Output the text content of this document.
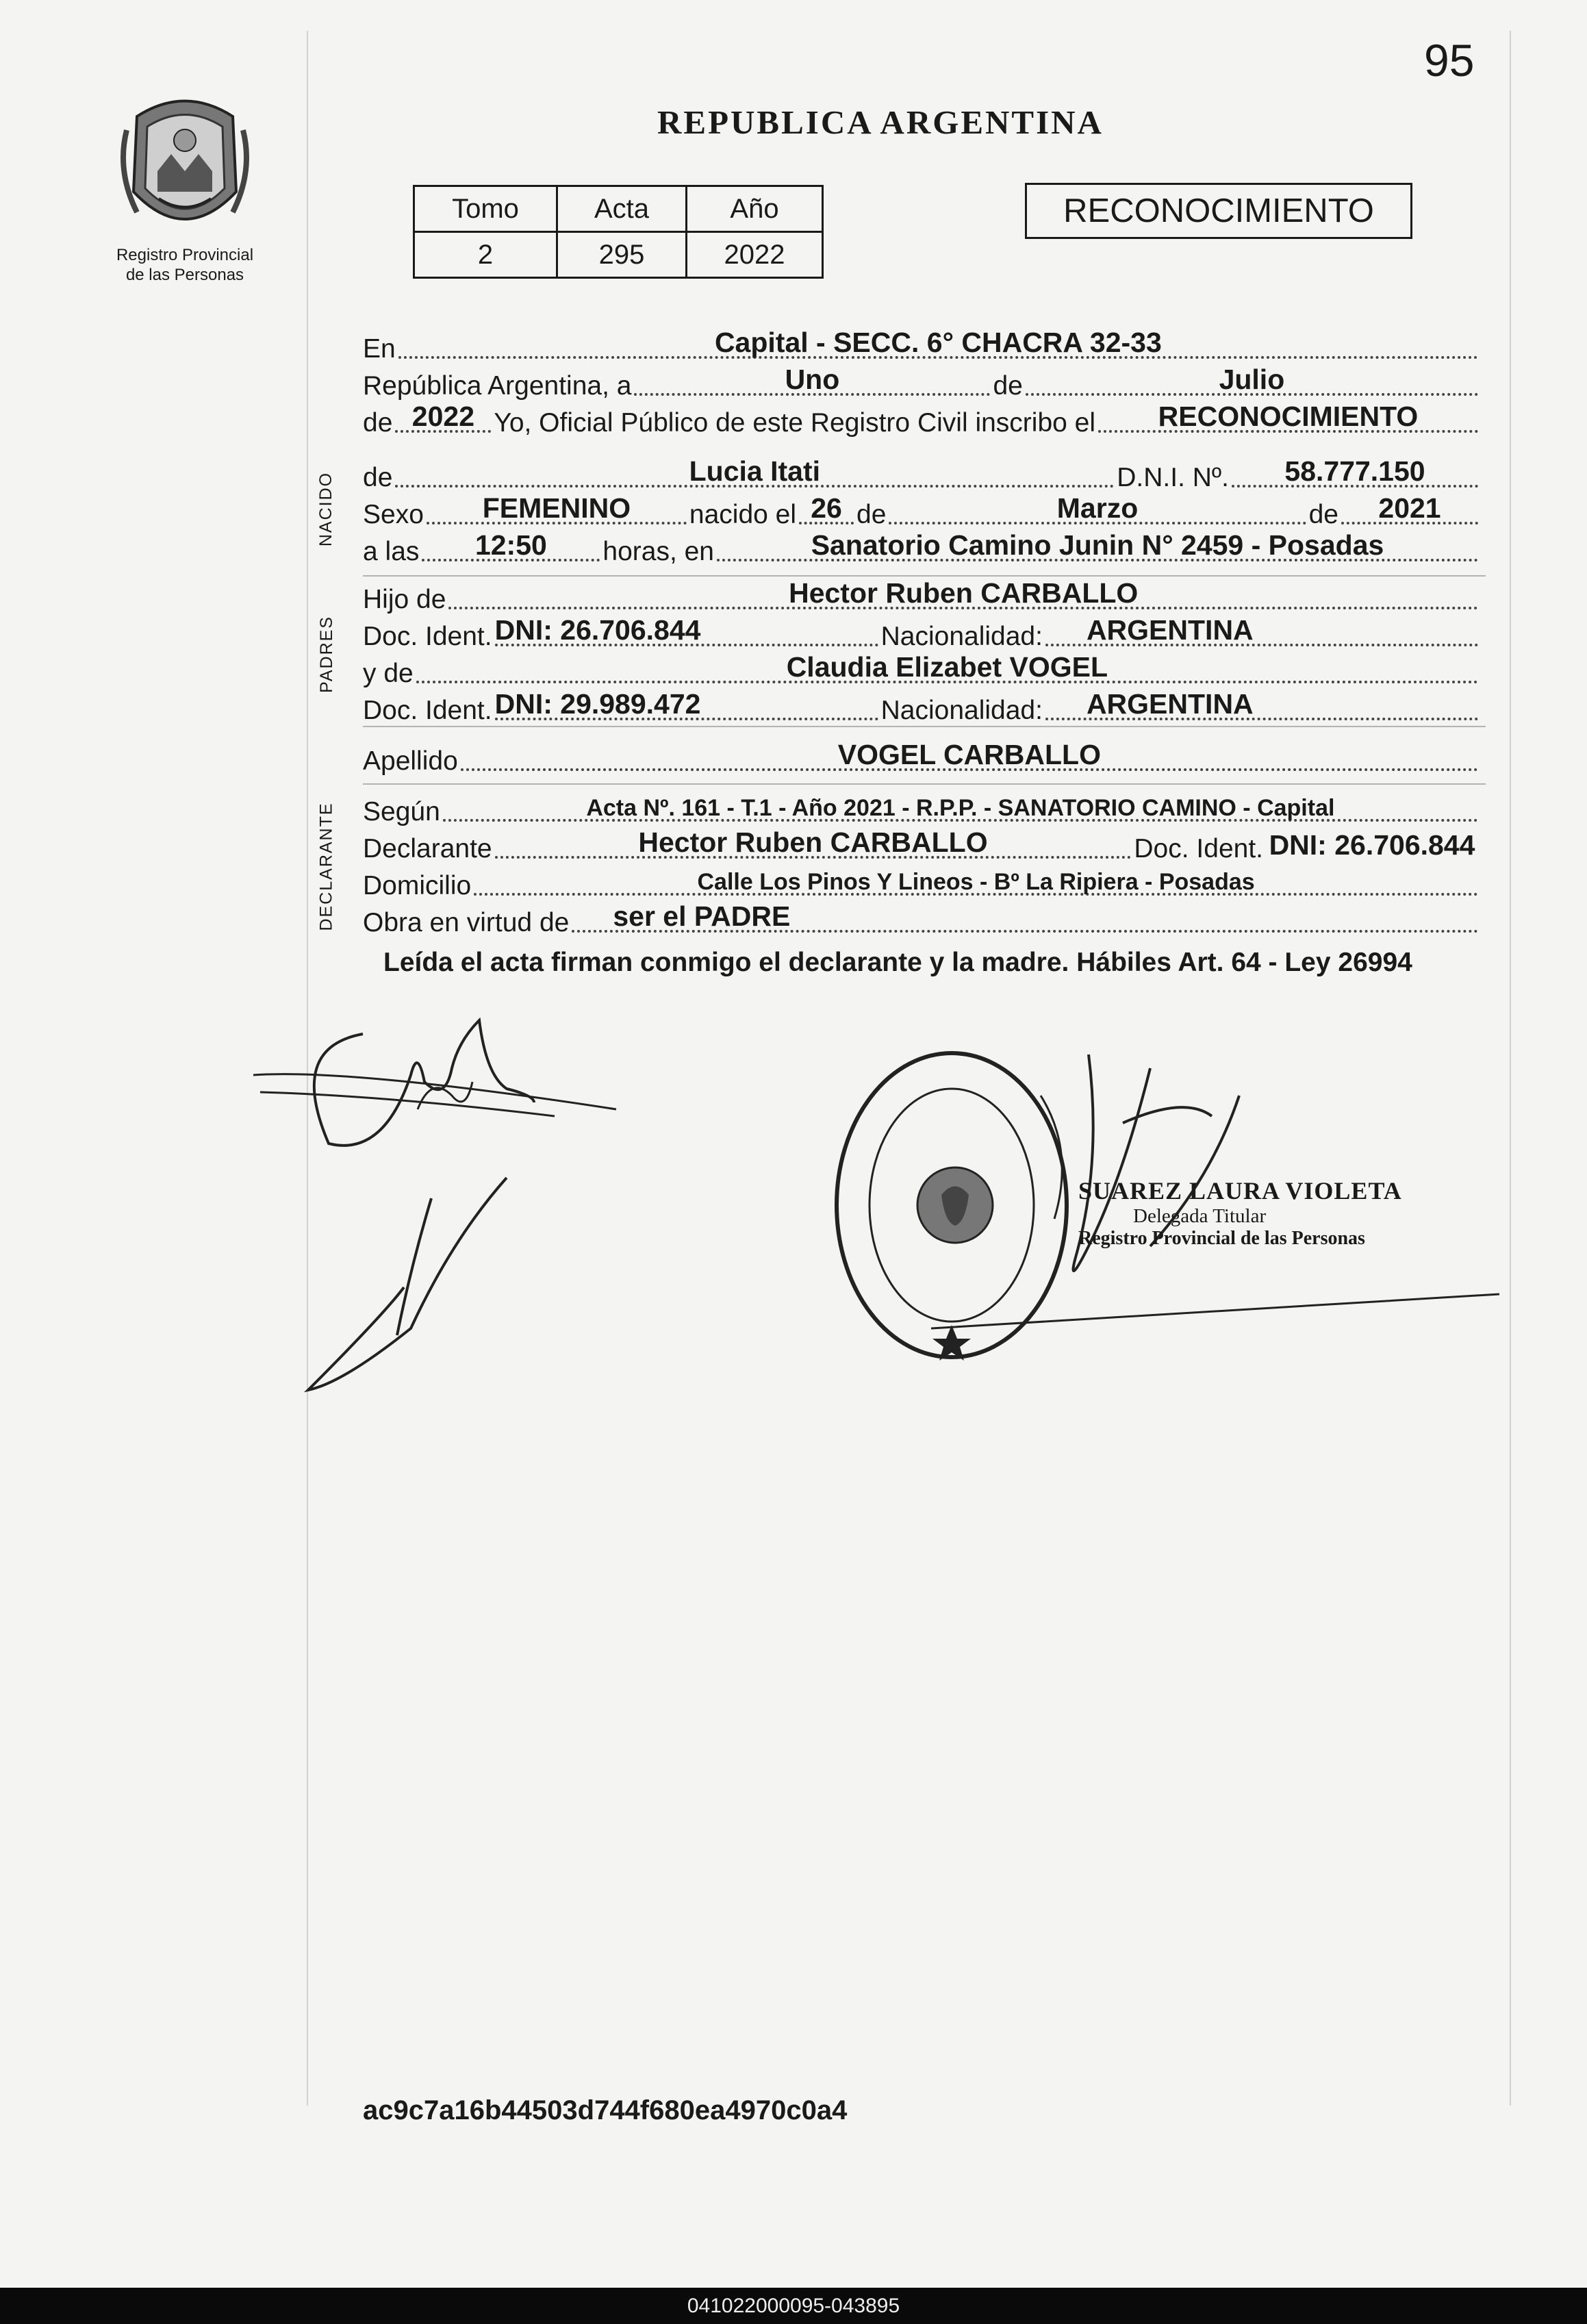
95
Registro Provincial
de las Personas
REPUBLICA ARGENTINA
Tomo	Acta	Año
2	295	2022
RECONOCIMIENTO
En	Capital - SECC. 6° CHACRA 32-33
República Argentina, a	Uno	de	Julio
de 2022 Yo, Oficial Público de este Registro Civil inscribo el	RECONOCIMIENTO
NACIDO de	Lucia Itati	D.N.I. Nº.	58.777.150
Sexo	FEMENINO	nacido el 26 de	Marzo	de	2021
a las	12:50	horas, en	Sanatorio Camino Junin N° 2459 - Posadas
PADRES
Hijo de	Hector Ruben CARBALLO
Doc. Ident. DNI: 26.706.844	Nacionalidad:	ARGENTINA
y de	Claudia Elizabet VOGEL
Doc. Ident. DNI: 29.989.472	Nacionalidad:	ARGENTINA
Apellido	VOGEL CARBALLO
DECLARANTE Según	Acta Nº. 161 - T.1 - Año 2021 - R.P.P. - SANATORIO CAMINO - Capital
Declarante	Hector Ruben CARBALLO	Doc. Ident. DNI: 26.706.844
Domicilio	Calle Los Pinos Y Lineos - Bº La Ripiera - Posadas
Obra en virtud de	ser el PADRE
Leída el acta firman conmigo el declarante y la madre. Hábiles Art. 64 - Ley 26994
SUAREZ LAURA VIOLETA
Delegada Titular
Registro Provincial de las Personas
ac9c7a16b44503d744f680ea4970c0a4
041022000095-043895
